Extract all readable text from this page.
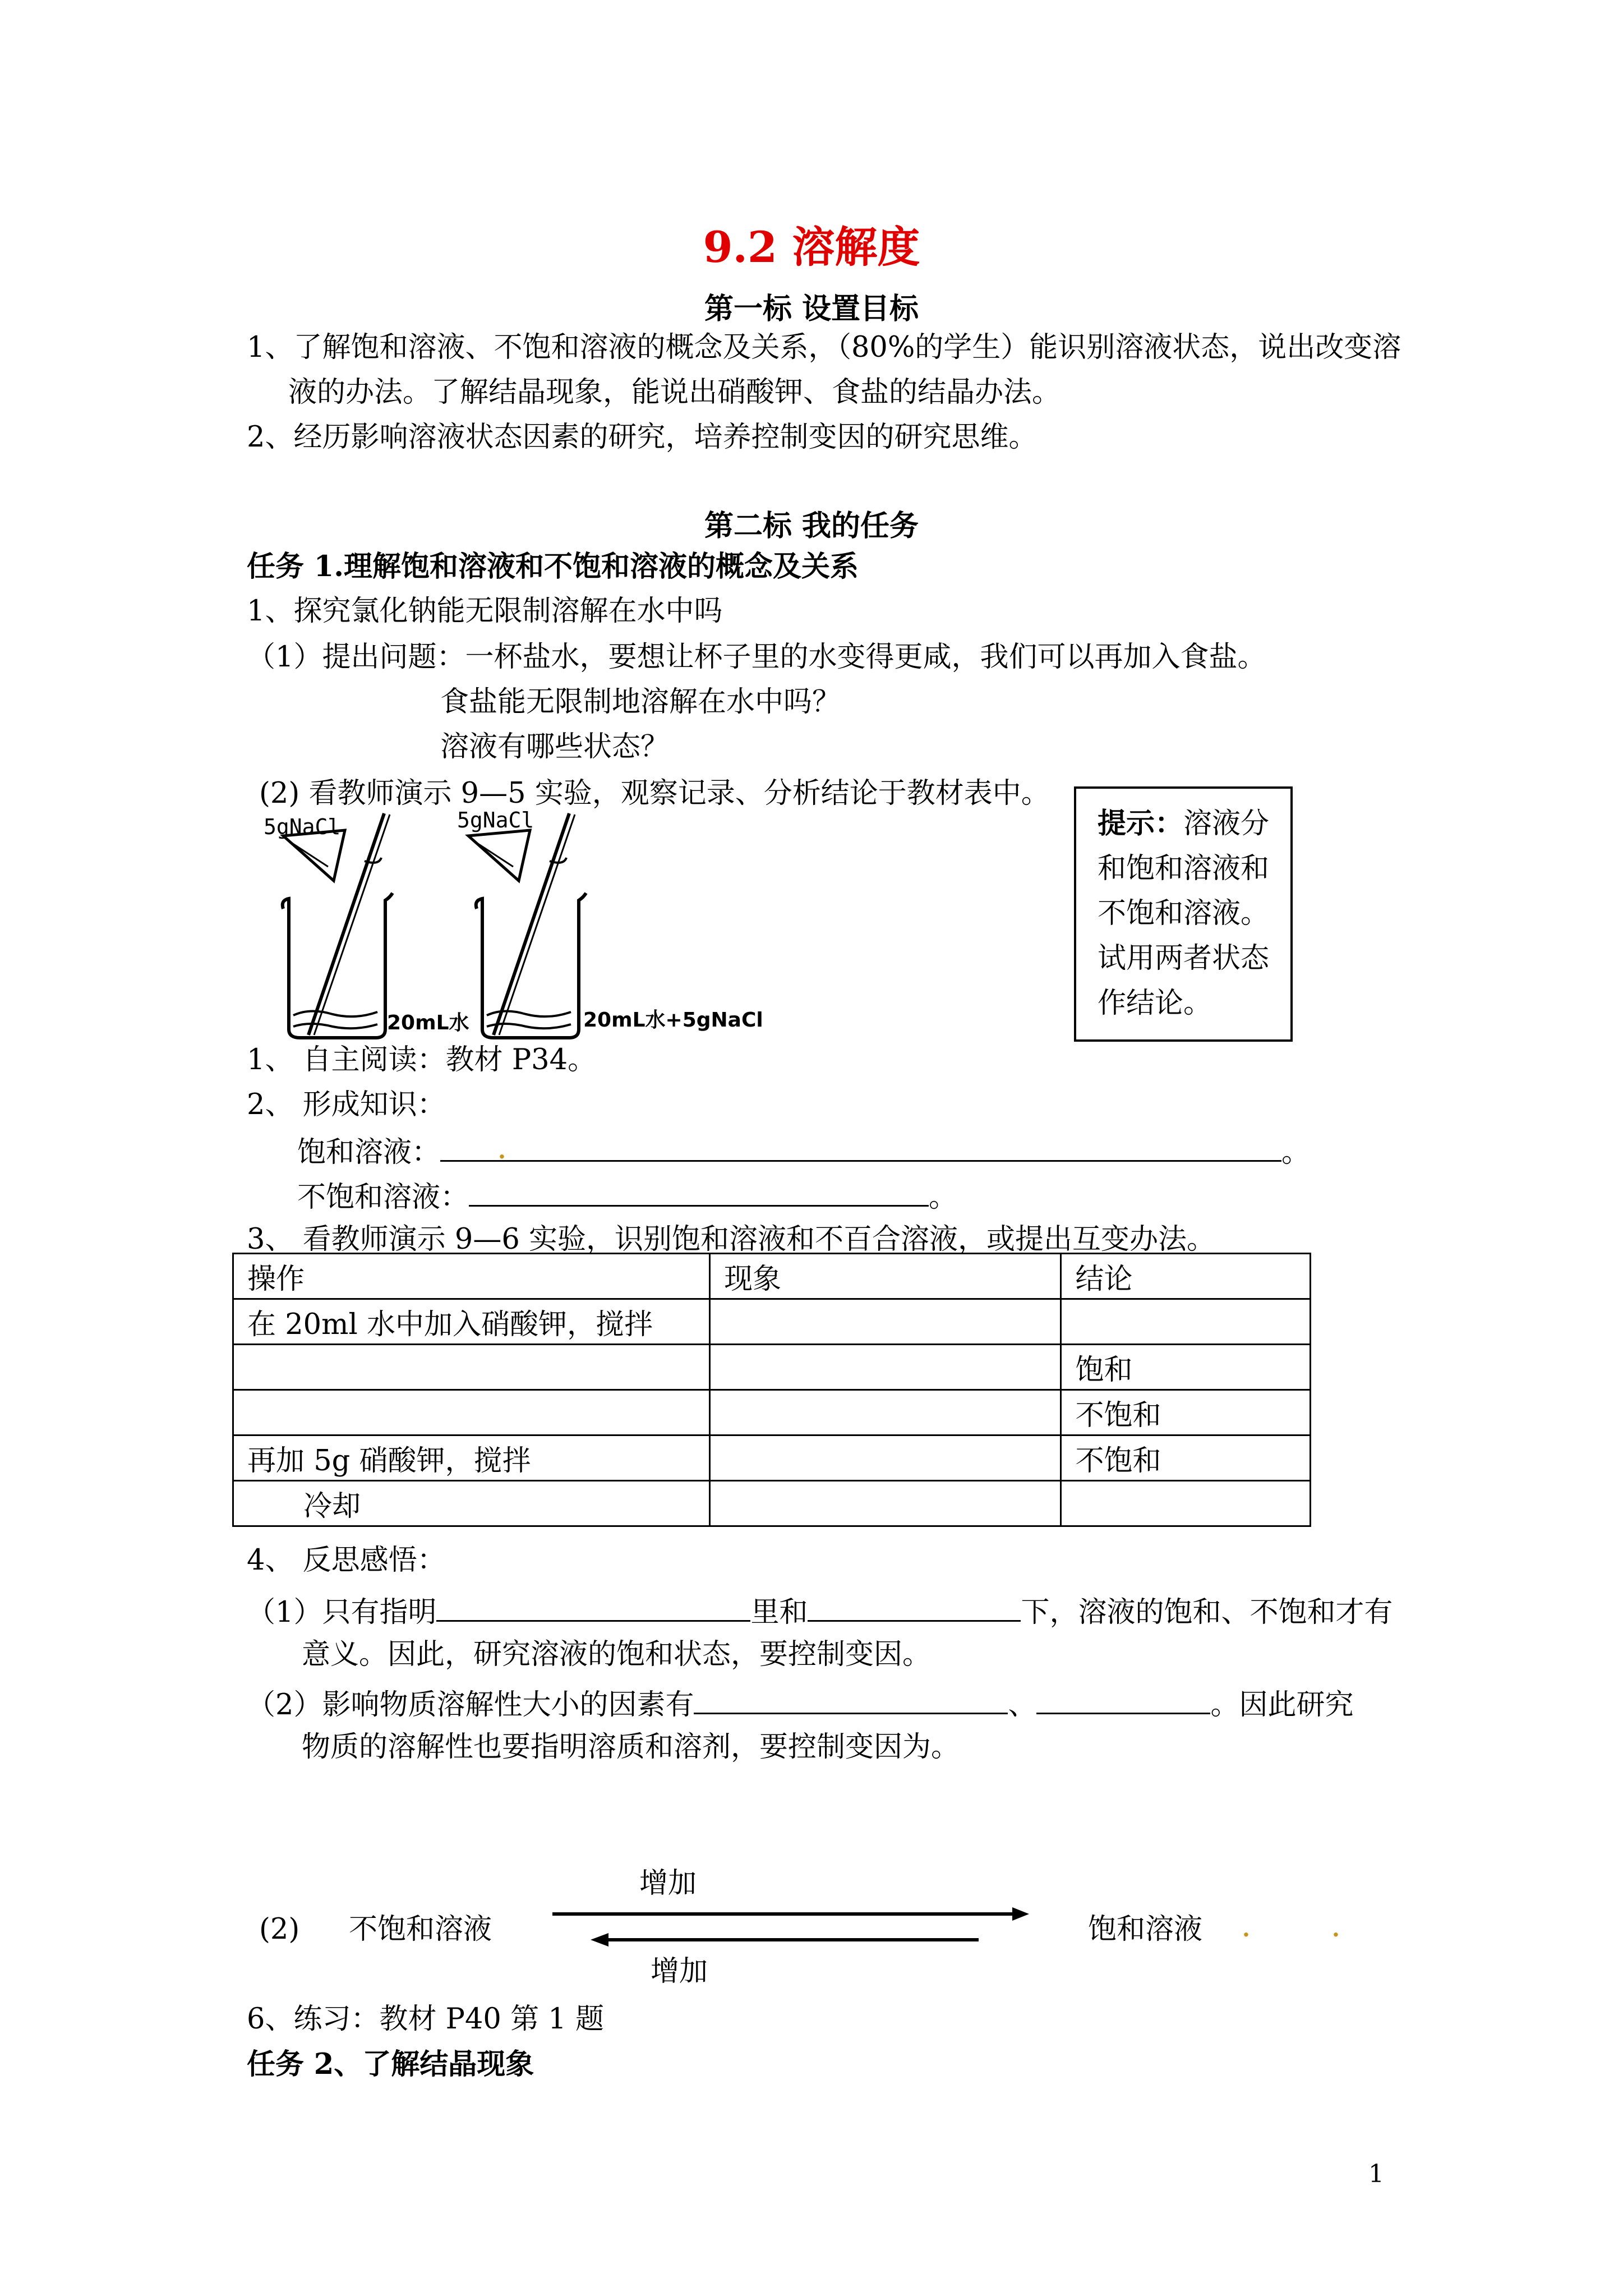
9.2 溶解度
第一标 设置目标
1、了解饱和溶液、不饱和溶液的概念及关系，（80%的学生）能识别溶液状态，说出改变溶
液的办法。了解结晶现象，能说出硝酸钾、食盐的结晶办法。
2、经历影响溶液状态因素的研究，培养控制变因的研究思维。
第二标 我的任务
任务 1.理解饱和溶液和不饱和溶液的概念及关系
1、探究氯化钠能无限制溶解在水中吗
（1）提出问题：一杯盐水，要想让杯子里的水变得更咸，我们可以再加入食盐。
食盐能无限制地溶解在水中吗？
溶液有哪些状态？
(2) 看教师演示 9—5 实验，观察记录、分析结论于教材表中。
5gNaCl	5gNaCl
20mL水	20mL水+5gNaCl
提示：溶液分
和饱和溶液和
不饱和溶液。
试用两者状态
作结论。
1、 自主阅读：教材 P34。
2、 形成知识：
饱和溶液：	。
.
不饱和溶液：	。
3、 看教师演示 9—6 实验，识别饱和溶液和不百合溶液，或提出互变办法。
操作	现象	结论
在 20ml 水中加入硝酸钾，搅拌		
		饱和
		不饱和
再加 5g 硝酸钾，搅拌		不饱和
冷却		
4、 反思感悟：
（1）只有指明	里和	下，溶液的饱和、不饱和才有
意义。因此，研究溶液的饱和状态，要控制变因。
（2）影响物质溶解性大小的因素有	、	。因此研究
物质的溶解性也要指明溶质和溶剂，要控制变因为。
增加
(2) 不饱和溶液	饱和溶液 .	.
增加
6、练习：教材 P40 第 1 题
任务 2、了解结晶现象
1
